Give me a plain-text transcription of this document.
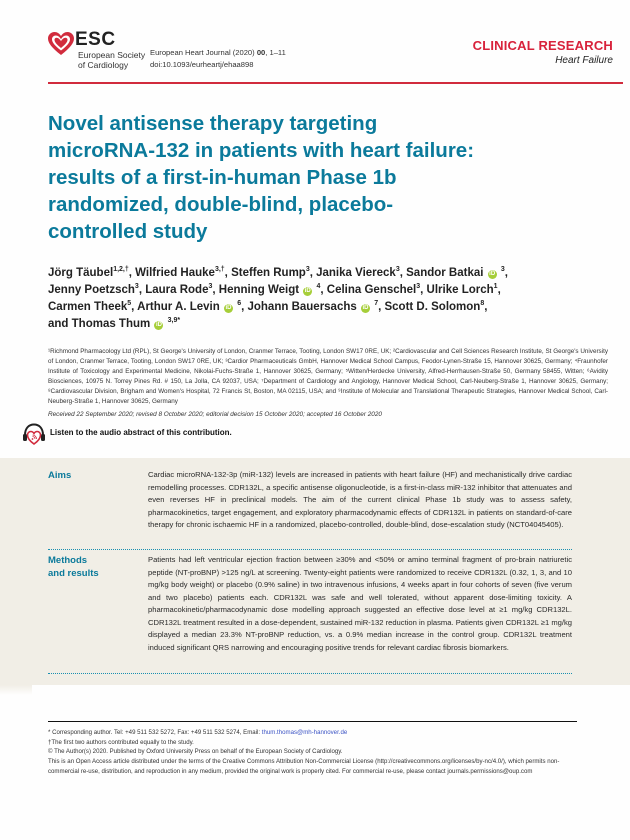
ESC
European Society
of Cardiology
European Heart Journal (2020) 00, 1–11
doi:10.1093/eurheartj/ehaa898
CLINICAL RESEARCH
Heart Failure
Novel antisense therapy targeting microRNA-132 in patients with heart failure: results of a first-in-human Phase 1b randomized, double-blind, placebo-controlled study
Jörg Täubel$^{1,2,\dagger}$, Wilfried Hauke$^{3,\dagger}$, Steffen Rump$^3$, Janika Viereck$^3$, Sandor Batkai iD $^3$, Jenny Poetzsch$^3$, Laura Rode$^3$, Henning Weigt iD $^4$, Celina Genschel$^3$, Ulrike Lorch$^1$, Carmen Theek$^5$, Arthur A. Levin iD $^6$, Johann Bauersachs iD $^7$, Scott D. Solomon$^8$, and Thomas Thum iD $^{3,9*}$
¹Richmond Pharmacology Ltd (RPL), St George's University of London, Cranmer Terrace, Tooting, London SW17 0RE, UK; ²Cardiovascular and Cell Sciences Research Institute, St George's University of London, Cranmer Terrace, Tooting, London SW17 0RE, UK; ³Cardior Pharmaceuticals GmbH, Hannover Medical School Campus, Feodor-Lynen-Straße 15, Hannover 30625, Germany; ⁴Fraunhofer Institute of Toxicology and Experimental Medicine, Nikolai-Fuchs-Straße 1, Hannover 30625, Germany; ⁵Witten/Herdecke University, Alfred-Herrhausen-Straße 50, Germany 58455, Witten; ⁶Avidity Biosciences, 10975 N. Torrey Pines Rd. # 150, La Jolla, CA 92037, USA; ⁷Department of Cardiology and Angiology, Hannover Medical School, Carl-Neuberg-Straße 1, Hannover 30625, Germany; ⁸Cardiovascular Division, Brigham and Women's Hospital, 72 Francis St, Boston, MA 02115, USA; and ⁹Institute of Molecular and Translational Therapeutic Strategies, Hannover Medical School, Carl-Neuberg-Straße 1, Hannover 30625, Germany
Received 22 September 2020; revised 8 October 2020; editorial decision 15 October 2020; accepted 16 October 2020
Listen to the audio abstract of this contribution.
Aims	Cardiac microRNA-132-3p (miR-132) levels are increased in patients with heart failure (HF) and mechanistically drive cardiac remodelling processes. CDR132L, a specific antisense oligonucleotide, is a first-in-class miR-132 inhibitor that attenuates and even reverses HF in preclinical models. The aim of the current clinical Phase 1b study was to assess safety, pharmacokinetics, target engagement, and exploratory pharmacodynamic effects of CDR132L in patients on standard-of-care therapy for chronic ischaemic HF in a randomized, placebo-controlled, double-blind, dose-escalation study (NCT04045405).
Methods
and results
Patients had left ventricular ejection fraction between ≥30% and <50% or amino terminal fragment of pro-brain natriuretic peptide (NT-proBNP) >125 ng/L at screening. Twenty-eight patients were randomized to receive CDR132L (0.32, 1, 3, and 10 mg/kg body weight) or placebo (0.9% saline) in two intravenous infusions, 4 weeks apart in four cohorts of seven (five verum and two placebo) patients each. CDR132L was safe and well tolerated, without apparent dose-limiting toxicity. A pharmacokinetic/pharmacodynamic dose modelling approach suggested an effective dose level at ≥1 mg/kg CDR132L. CDR132L treatment resulted in a dose-dependent, sustained miR-132 reduction in plasma. Patients given CDR132L ≥1 mg/kg displayed a median 23.3% NT-proBNP reduction, vs. a 0.9% median increase in the control group. CDR132L treatment induced significant QRS narrowing and encouraging positive trends for relevant cardiac fibrosis biomarkers.
* Corresponding author. Tel: +49 511 532 5272, Fax: +49 511 532 5274, Email: thum.thomas@mh-hannover.de
†The first two authors contributed equally to the study.
© The Author(s) 2020. Published by Oxford University Press on behalf of the European Society of Cardiology.
This is an Open Access article distributed under the terms of the Creative Commons Attribution Non-Commercial License (http://creativecommons.org/licenses/by-nc/4.0/), which permits non-commercial re-use, distribution, and reproduction in any medium, provided the original work is properly cited. For commercial re-use, please contact journals.permissions@oup.com
